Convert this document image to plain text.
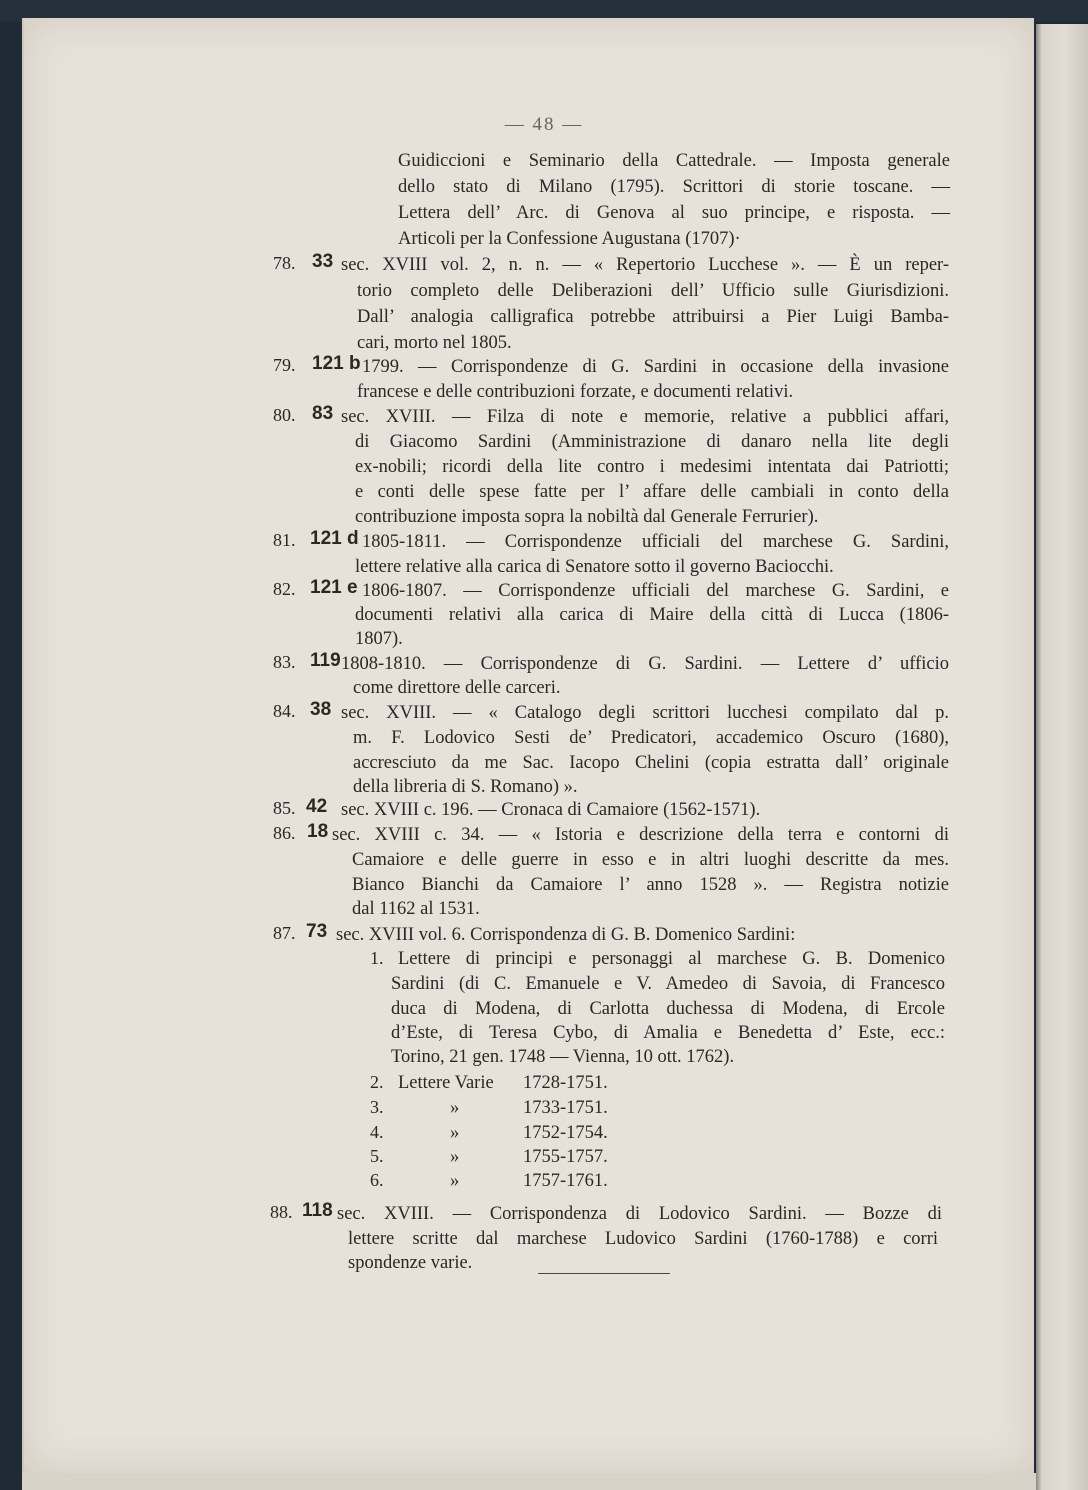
— 48 —
Guidiccioni e Seminario della Cattedrale. — Imposta generale
dello stato di Milano (1795). Scrittori di storie toscane. —
Lettera dell’ Arc. di Genova al suo principe, e risposta. —
Articoli per la Confessione Augustana (1707)·
78. 33 sec. XVIII vol. 2, n. n. — « Repertorio Lucchese ». — È un reper-
torio completo delle Deliberazioni dell’ Ufficio sulle Giurisdizioni.
Dall’ analogia calligrafica potrebbe attribuirsi a Pier Luigi Bamba-
cari, morto nel 1805.
79. 121 b 1799. — Corrispondenze di G. Sardini in occasione della invasione
francese e delle contribuzioni forzate, e documenti relativi.
80. 83 sec. XVIII. — Filza di note e memorie, relative a pubblici affari,
di Giacomo Sardini (Amministrazione di danaro nella lite degli
ex-nobili; ricordi della lite contro i medesimi intentata dai Patriotti;
e conti delle spese fatte per l’ affare delle cambiali in conto della
contribuzione imposta sopra la nobiltà dal Generale Ferrurier).
81. 121 d 1805-1811. — Corrispondenze ufficiali del marchese G. Sardini,
lettere relative alla carica di Senatore sotto il governo Baciocchi.
82. 121 e 1806-1807. — Corrispondenze ufficiali del marchese G. Sardini, e
documenti relativi alla carica di Maire della città di Lucca (1806-
1807).
83. 119 1808-1810. — Corrispondenze di G. Sardini. — Lettere d’ ufficio
come direttore delle carceri.
84. 38 sec. XVIII. — « Catalogo degli scrittori lucchesi compilato dal p.
m. F. Lodovico Sesti de’ Predicatori, accademico Oscuro (1680),
accresciuto da me Sac. Iacopo Chelini (copia estratta dall’ originale
della libreria di S. Romano) ».
85. 42 sec. XVIII c. 196. — Cronaca di Camaiore (1562-1571).
86. 18 sec. XVIII c. 34. — « Istoria e descrizione della terra e contorni di
Camaiore e delle guerre in esso e in altri luoghi descritte da mes.
Bianco Bianchi da Camaiore l’ anno 1528 ». — Registra notizie
dal 1162 al 1531.
87. 73 sec. XVIII vol. 6. Corrispondenza di G. B. Domenico Sardini:
1. Lettere di principi e personaggi al marchese G. B. Domenico
Sardini (di C. Emanuele e V. Amedeo di Savoia, di Francesco
duca di Modena, di Carlotta duchessa di Modena, di Ercole
d’Este, di Teresa Cybo, di Amalia e Benedetta d’ Este, ecc.:
Torino, 21 gen. 1748 — Vienna, 10 ott. 1762).
2. Lettere Varie 1728-1751.
3.	»	1733-1751.
4.	»	1752-1754.
5.	»	1755-1757.
6.	»	1757-1761.
88. 118 sec. XVIII. — Corrispondenza di Lodovico Sardini. — Bozze di
lettere scritte dal marchese Ludovico Sardini (1760-1788) e corri
spondenze varie.
